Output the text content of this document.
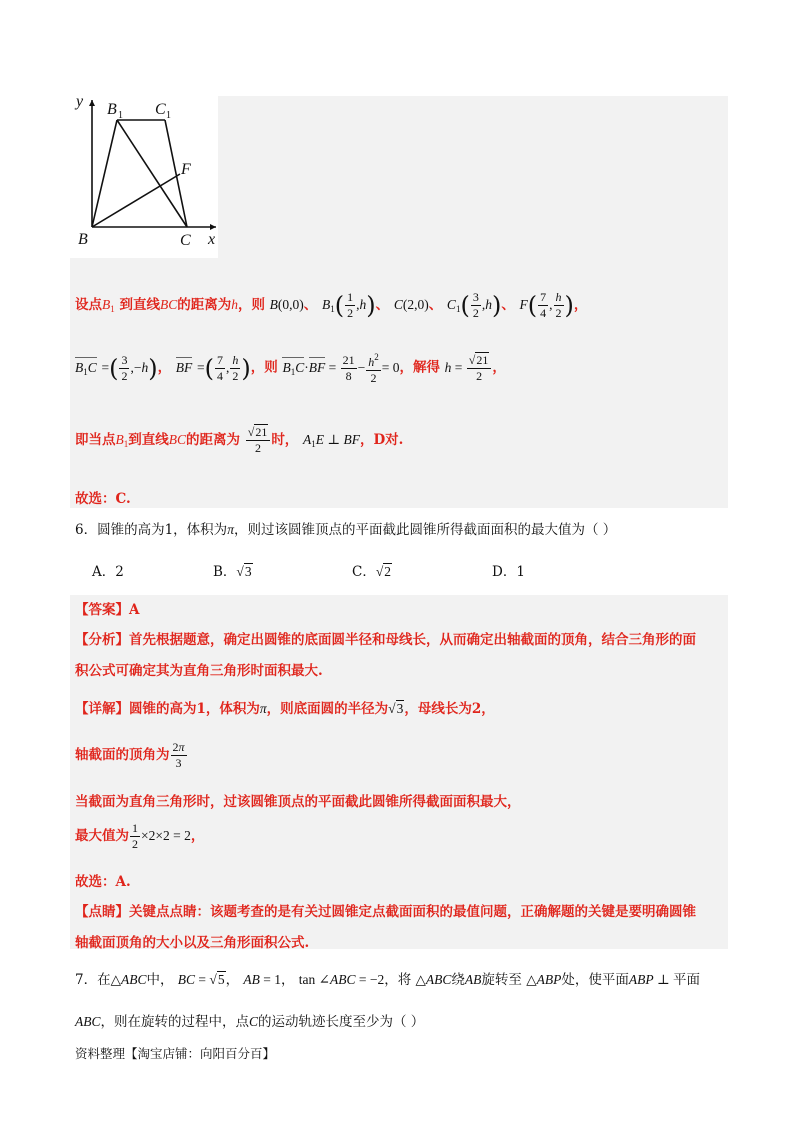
y
x
B 1 C 1
F
B	C
设点$B_1$ 到直线BC的距离为h，则 B(0,0)、 $B_1( \frac{1}{2} ,h)$、 C(2,0)、 $C_1( \frac{3}{2} ,h)$、 $F( \frac{7}{4}$ , $\frac{h}{2}$ )，
$B_1C$ =( $\frac{3}{2} ,-h$)， BF =( $\frac{7}{4}$ , $\frac{h}{2}$ )，则 $B_1C\cdot BF = \frac{21}{8} - \frac{h^2}{2} = 0$，解得 $h = \frac{√21}{2}$ ，
即当点$B_1$到直线BC的距离为 $\frac{√21}{2}$ 时， $A_1E$ ⊥ BF，D对.
故选：C.
6．圆锥的高为1，体积为π，则过该圆锥顶点的平面截此圆锥所得截面面积的最大值为（ ）
A．2	B．√3	C．√2	D．1
【答案】A
【分析】首先根据题意，确定出圆锥的底面圆半径和母线长，从而确定出轴截面的顶角，结合三角形的面
积公式可确定其为直角三角形时面积最大.
【详解】圆锥的高为1，体积为π，则底面圆的半径为√3，母线长为2，
轴截面的顶角为 $\frac{2\pi}{3}$
当截面为直角三角形时，过该圆锥顶点的平面截此圆锥所得截面面积最大，
最大值为 $\frac{1}{2} \times 2\times 2 = 2$，
故选：A.
【点睛】关键点点睛：该题考查的是有关过圆锥定点截面面积的最值问题，正确解题的关键是要明确圆锥
轴截面顶角的大小以及三角形面积公式.
7．在△ABC中， BC = √5， AB = 1， tan ∠ABC = −2，将 △ABC绕AB旋转至 △ABP处，使平面ABP ⊥ 平面
ABC，则在旋转的过程中，点C的运动轨迹长度至少为（ ）
资料整理【淘宝店铺：向阳百分百】
